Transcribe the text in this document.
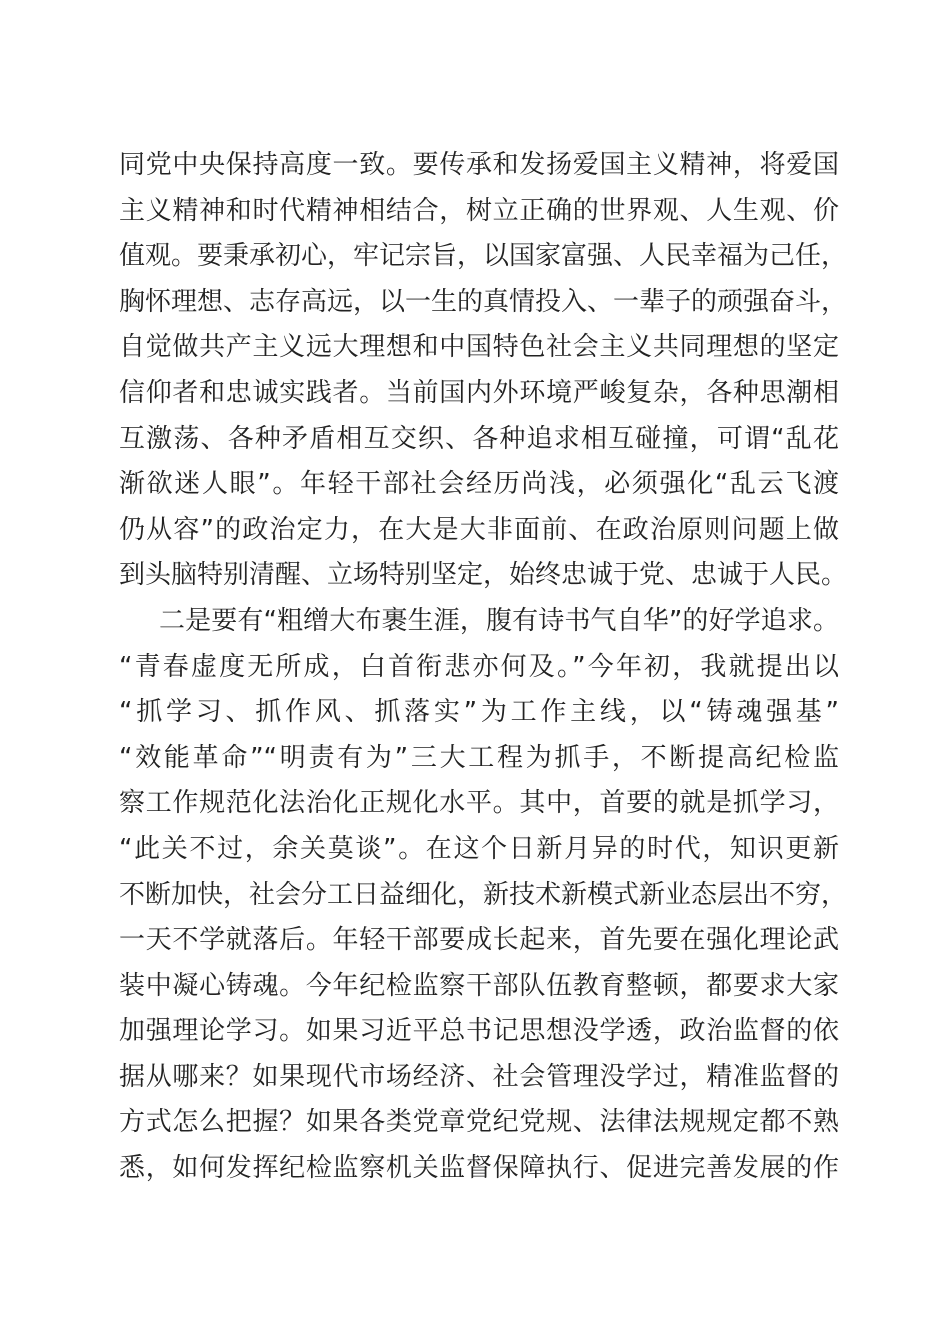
同党中央保持高度一致。要传承和发扬爱国主义精神，将爱国
主义精神和时代精神相结合，树立正确的世界观、人生观、价
值观。要秉承初心，牢记宗旨，以国家富强、人民幸福为己任，
胸怀理想、志存高远，以一生的真情投入、一辈子的顽强奋斗，
自觉做共产主义远大理想和中国特色社会主义共同理想的坚定
信仰者和忠诚实践者。当前国内外环境严峻复杂，各种思潮相
互激荡、各种矛盾相互交织、各种追求相互碰撞，可谓“乱花
渐欲迷人眼”。年轻干部社会经历尚浅，必须强化“乱云飞渡
仍从容”的政治定力，在大是大非面前、在政治原则问题上做
到头脑特别清醒、立场特别坚定，始终忠诚于党、忠诚于人民。
二是要有“粗缯大布裹生涯，腹有诗书气自华”的好学追求。
“青春虚度无所成，白首衔悲亦何及。”今年初，我就提出以
“抓学习、抓作风、抓落实”为工作主线，以“铸魂强基”
“效能革命”“明责有为”三大工程为抓手，不断提高纪检监
察工作规范化法治化正规化水平。其中，首要的就是抓学习，
“此关不过，余关莫谈”。在这个日新月异的时代，知识更新
不断加快，社会分工日益细化，新技术新模式新业态层出不穷，
一天不学就落后。年轻干部要成长起来，首先要在强化理论武
装中凝心铸魂。今年纪检监察干部队伍教育整顿，都要求大家
加强理论学习。如果习近平总书记思想没学透，政治监督的依
据从哪来？如果现代市场经济、社会管理没学过，精准监督的
方式怎么把握？如果各类党章党纪党规、法律法规规定都不熟
悉，如何发挥纪检监察机关监督保障执行、促进完善发展的作
